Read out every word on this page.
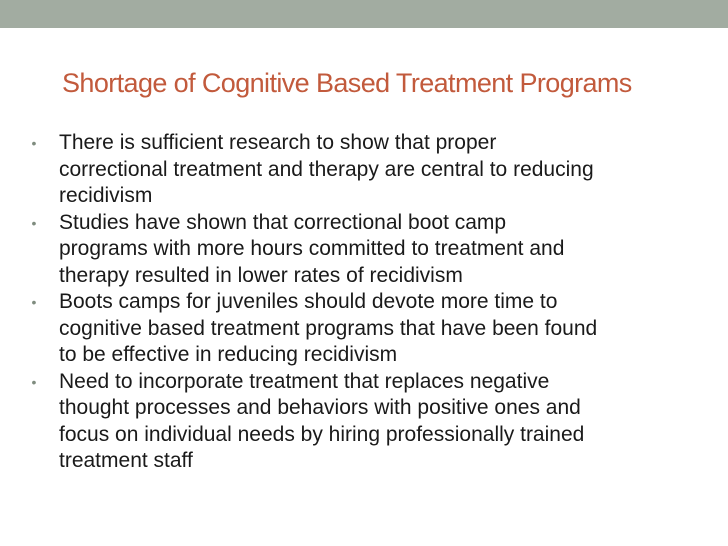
Shortage of Cognitive Based Treatment Programs
• There is sufficient research to show that proper
correctional treatment and therapy are central to reducing
recidivism
• Studies have shown that correctional boot camp
programs with more hours committed to treatment and
therapy resulted in lower rates of recidivism
• Boots camps for juveniles should devote more time to
cognitive based treatment programs that have been found
to be effective in reducing recidivism
• Need to incorporate treatment that replaces negative
thought processes and behaviors with positive ones and
focus on individual needs by hiring professionally trained
treatment staff
